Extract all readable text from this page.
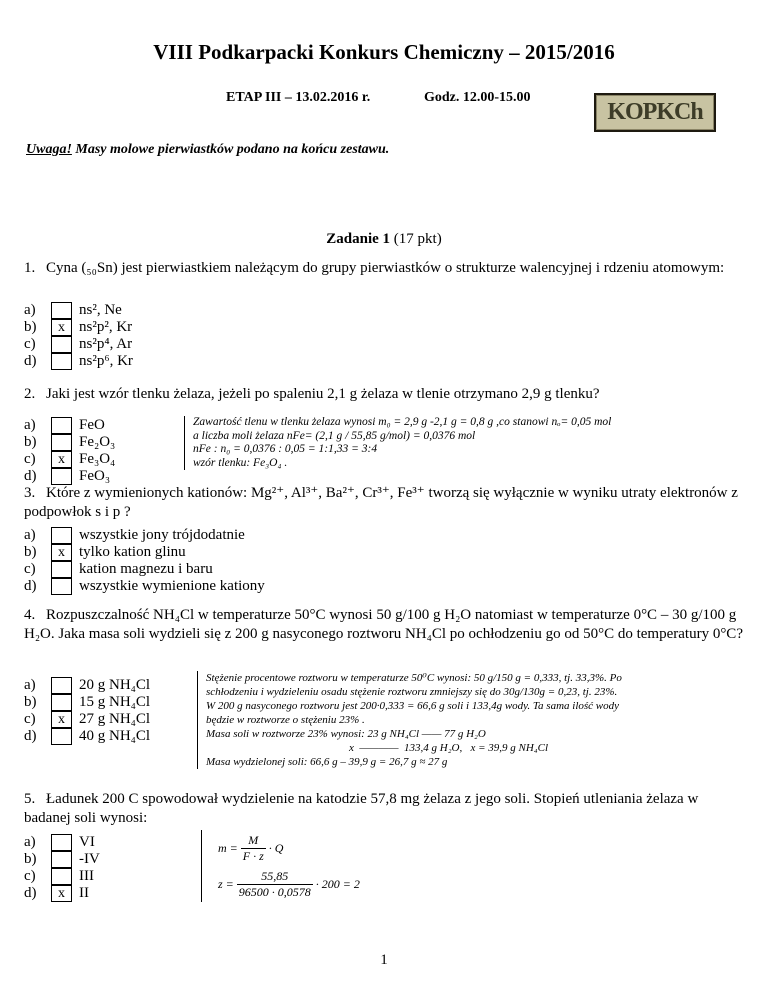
VIII Podkarpacki Konkurs Chemiczny – 2015/2016
ETAP III – 13.02.2016 r.	Godz. 12.00-15.00
KOPKCh
Uwaga! Masy molowe pierwiastków podano na końcu zestawu.
Zadanie 1 (17 pkt)
1. Cyna (₅₀Sn) jest pierwiastkiem należącym do grupy pierwiastków o strukturze walencyjnej i rdzeniu atomowym:
a)	ns², Ne
b)	x ns²p², Kr
c)	ns²p⁴, Ar
d)	ns²p⁶, Kr
2. Jaki jest wzór tlenku żelaza, jeżeli po spaleniu 2,1 g żelaza w tlenie otrzymano 2,9 g tlenku?
a)	FeO
b)	Fe₂O₃
c)	x Fe₃O₄
d)	FeO₃
Zawartość tlenu w tlenku żelaza wynosi m₀ = 2,9 g -2,1 g = 0,8 g ,co stanowi nₒ= 0,05 mol
a liczba moli żelaza nFe= (2,1 g / 55,85 g/mol) = 0,0376 mol
nFe : n₀ = 0,0376 : 0,05 = 1:1,33 = 3:4
wzór tlenku: Fe₃O₄ .
3. Które z wymienionych kationów: Mg²⁺, Al³⁺, Ba²⁺, Cr³⁺, Fe³⁺ tworzą się wyłącznie w wyniku utraty elektronów z podpowłok s i p ?
a)	wszystkie jony trójdodatnie
b)	x tylko kation glinu
c)	kation magnezu i baru
d)	wszystkie wymienione kationy
4. Rozpuszczalność NH₄Cl w temperaturze 50°C wynosi 50 g/100 g H₂O natomiast w temperaturze 0°C – 30 g/100 g H₂O. Jaka masa soli wydzieli się z 200 g nasyconego roztworu NH₄Cl po ochłodzeniu go od 50°C do temperatury 0°C?
a)	20 g NH₄Cl
b)	15 g NH₄Cl
c)	x 27 g NH₄Cl
d)	40 g NH₄Cl
Stężenie procentowe roztworu w temperaturze 50⁰C wynosi: 50 g/150 g = 0,333, tj. 33,3%. Po
schłodzeniu i wydzieleniu osadu stężenie roztworu zmniejszy się do 30g/130g = 0,23, tj. 23%.
W 200 g nasyconego roztworu jest 200·0,333 = 66,6 g soli i 133,4g wody. Ta sama ilość wody
będzie w roztworze o stężeniu 23% .
Masa soli w roztworze 23% wynosi: 23 g NH₄Cl —— 77 g H₂O
x  ————  133,4 g H₂O,   x = 39,9 g NH₄Cl
Masa wydzielonej soli: 66,6 g – 39,9 g = 26,7 g ≈ 27 g
5. Ładunek 200 C spowodował wydzielenie na katodzie 57,8 mg żelaza z jego soli. Stopień utleniania żelaza w badanej soli wynosi:
a)	VI
b)	-IV
c)	III
d)	x II
$m = \frac{M}{F \cdot z} \cdot Q$
$z = \frac{55,85}{96500 \cdot 0,0578} \cdot 200 = 2$
1
